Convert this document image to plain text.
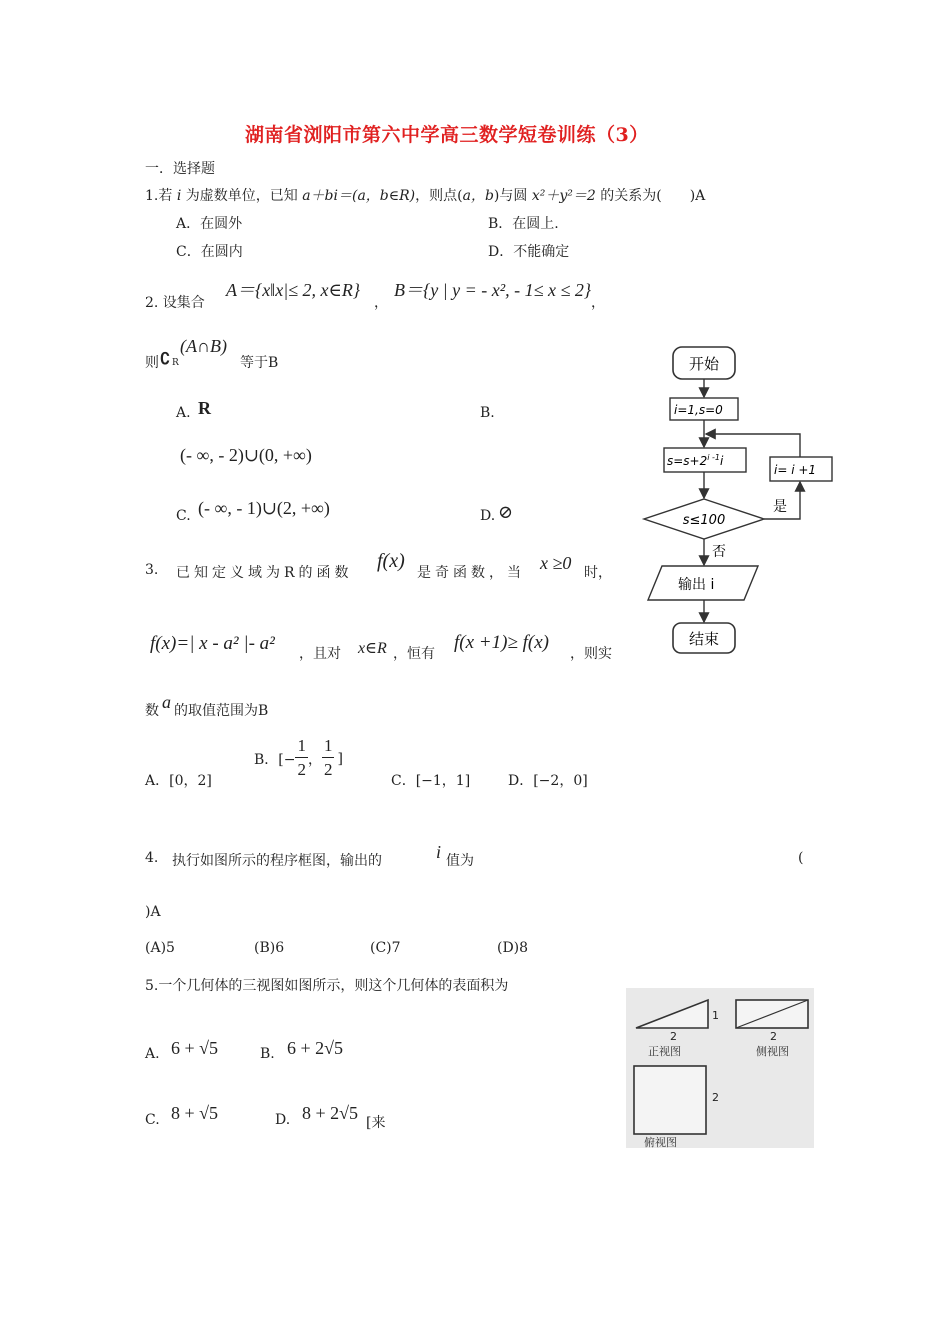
湖南省浏阳市第六中学高三数学短卷训练（3）
一．选择题
1.若 i 为虚数单位，已知 a＋bi＝(a，b∈R)，则点(a，b)与圆 x²＋y²＝2 的关系为(　　)A
A．在圆外	B．在圆上.
C．在圆内	D．不能确定
2. 设集合
A＝{x‖x|≤ 2, x∈R}
，
B＝{y | y = - x², - 1≤ x ≤ 2}
，
则 ∁ R
(A∩B)
等于B
A. R	B.
(- ∞, - 2)∪(0, +∞)
C. (- ∞, - 1)∪(2, +∞)	D. ⊘
3. 已知定义域为R的函数
f(x)
是奇函数，当 x ≥0 时，
f(x)=| x - a² |- a² ，且对 x∈R ，恒有
f(x +1)≥ f(x)
，则实
数 a 的取值范围为B
A．[0，2]
B．[− $\frac{1}{2}$ ， $\frac{1}{2}$ ]
C．[−1，1]	D．[−2，0]
4. 执行如图所示的程序框图，输出的	i 值为	(
)A
(A)5	(B)6	(C)7	(D)8
5.一个几何体的三视图如图所示，则这个几何体的表面积为
A. 6 + √5	B. 6 + 2√5
C. 8 + √5	D. 8 + 2√5 [来
开始
i=1,s=0
$s=s+2^{i -1}i$
s≤100
是
i= i +1
否
输出 i
结束
1
2
正视图
2
侧视图
2
俯视图
